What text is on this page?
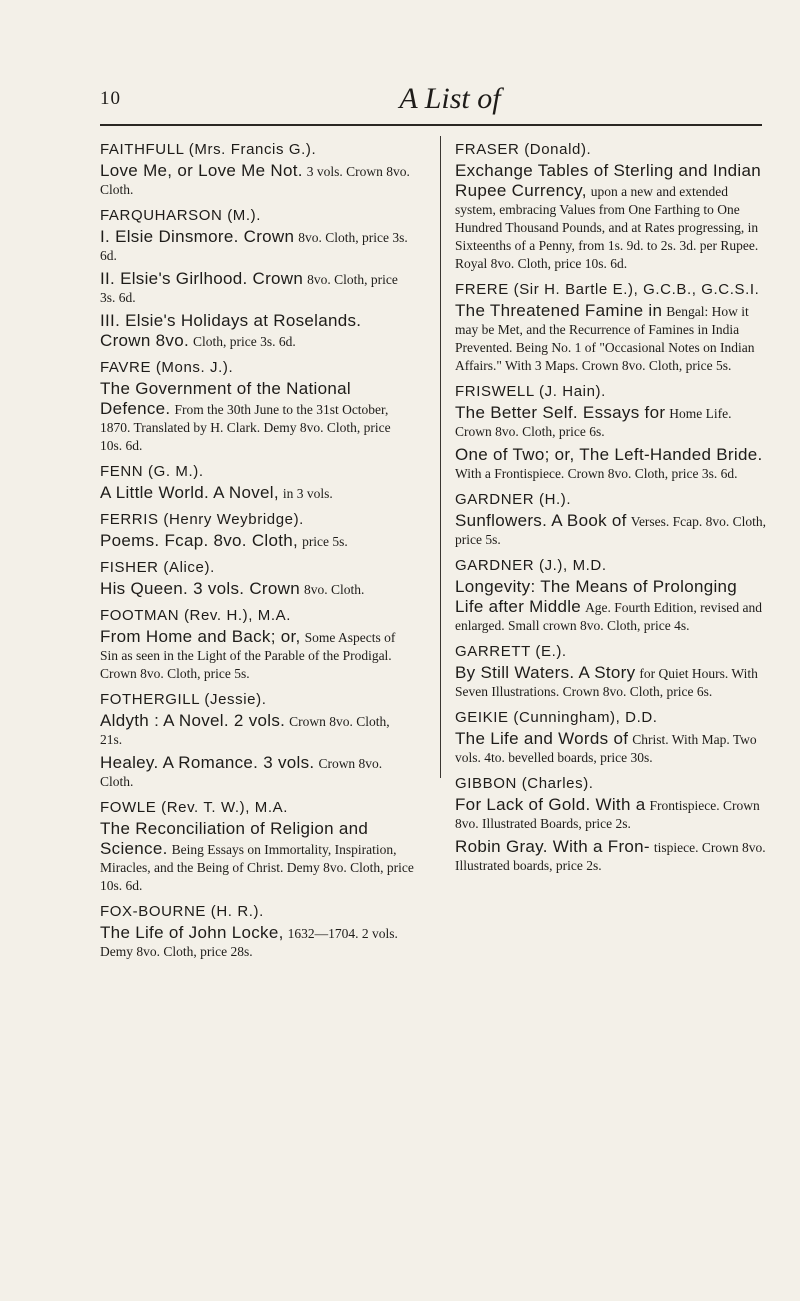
10	A List of
FAITHFULL (Mrs. Francis G.).
Love Me, or Love Me Not. 3 vols. Crown 8vo. Cloth.
FARQUHARSON (M.).
I. Elsie Dinsmore. Crown 8vo. Cloth, price 3s. 6d.
II. Elsie's Girlhood. Crown 8vo. Cloth, price 3s. 6d.
III. Elsie's Holidays at Roselands. Crown 8vo. Cloth, price 3s. 6d.
FAVRE (Mons. J.).
The Government of the National Defence. From the 30th June to the 31st October, 1870. Translated by H. Clark. Demy 8vo. Cloth, price 10s. 6d.
FENN (G. M.).
A Little World. A Novel, in 3 vols.
FERRIS (Henry Weybridge).
Poems. Fcap. 8vo. Cloth, price 5s.
FISHER (Alice).
His Queen. 3 vols. Crown 8vo. Cloth.
FOOTMAN (Rev. H.), M.A.
From Home and Back; or, Some Aspects of Sin as seen in the Light of the Parable of the Prodigal. Crown 8vo. Cloth, price 5s.
FOTHERGILL (Jessie).
Aldyth : A Novel. 2 vols. Crown 8vo. Cloth, 21s.
Healey. A Romance. 3 vols. Crown 8vo. Cloth.
FOWLE (Rev. T. W.), M.A.
The Reconciliation of Religion and Science. Being Essays on Immortality, Inspiration, Miracles, and the Being of Christ. Demy 8vo. Cloth, price 10s. 6d.
FOX-BOURNE (H. R.).
The Life of John Locke, 1632—1704. 2 vols. Demy 8vo. Cloth, price 28s.
FRASER (Donald).
Exchange Tables of Sterling and Indian Rupee Currency, upon a new and extended system, embracing Values from One Farthing to One Hundred Thousand Pounds, and at Rates progressing, in Sixteenths of a Penny, from 1s. 9d. to 2s. 3d. per Rupee. Royal 8vo. Cloth, price 10s. 6d.
FRERE (Sir H. Bartle E.), G.C.B., G.C.S.I.
The Threatened Famine in Bengal: How it may be Met, and the Recurrence of Famines in India Prevented. Being No. 1 of "Occasional Notes on Indian Affairs." With 3 Maps. Crown 8vo. Cloth, price 5s.
FRISWELL (J. Hain).
The Better Self. Essays for Home Life. Crown 8vo. Cloth, price 6s.
One of Two; or, The Left-Handed Bride. With a Frontispiece. Crown 8vo. Cloth, price 3s. 6d.
GARDNER (H.).
Sunflowers. A Book of Verses. Fcap. 8vo. Cloth, price 5s.
GARDNER (J.), M.D.
Longevity: The Means of Prolonging Life after Middle Age. Fourth Edition, revised and enlarged. Small crown 8vo. Cloth, price 4s.
GARRETT (E.).
By Still Waters. A Story for Quiet Hours. With Seven Illustrations. Crown 8vo. Cloth, price 6s.
GEIKIE (Cunningham), D.D.
The Life and Words of Christ. With Map. Two vols. 4to. bevelled boards, price 30s.
GIBBON (Charles).
For Lack of Gold. With a Frontispiece. Crown 8vo. Illustrated Boards, price 2s.
Robin Gray. With a Fron- tispiece. Crown 8vo. Illustrated boards, price 2s.
